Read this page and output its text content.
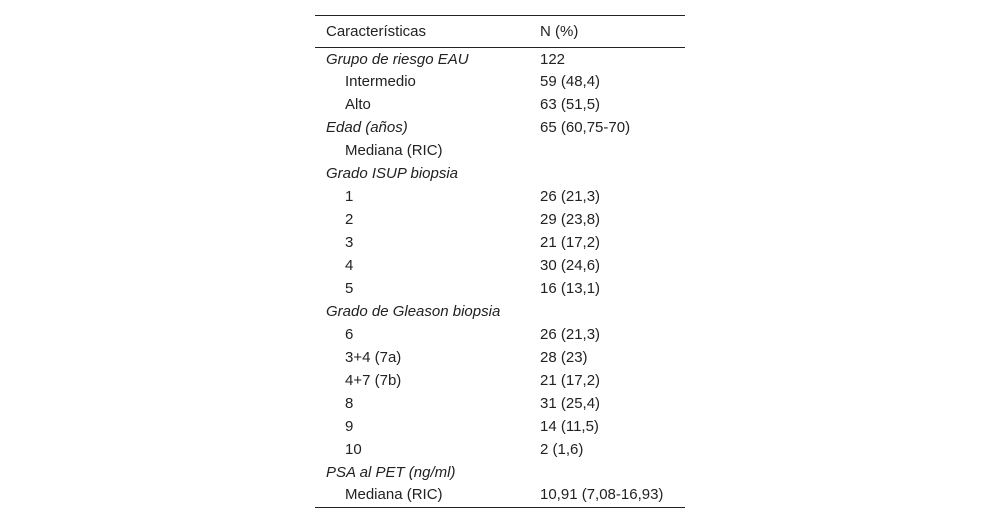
Características	N (%)
Grupo de riesgo EAU	122
Intermedio	59 (48,4)
Alto	63 (51,5)
Edad (años)	65 (60,75-70)
Mediana (RIC)	
Grado ISUP biopsia	
1	26 (21,3)
2	29 (23,8)
3	21 (17,2)
4	30 (24,6)
5	16 (13,1)
Grado de Gleason biopsia	
6	26 (21,3)
3+4 (7a)	28 (23)
4+7 (7b)	21 (17,2)
8	31 (25,4)
9	14 (11,5)
10	2 (1,6)
PSA al PET (ng/ml)	
Mediana (RIC)	10,91 (7,08-16,93)
